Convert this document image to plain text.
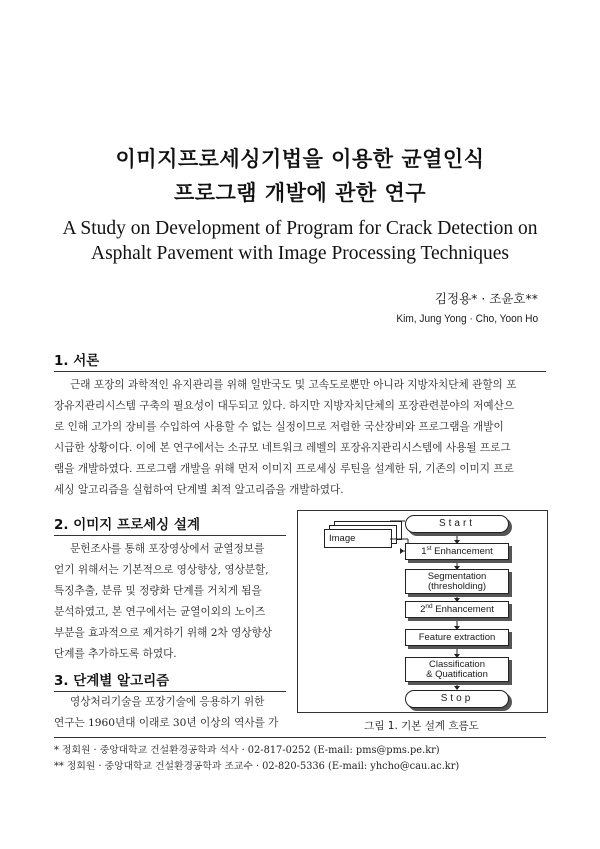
이미지프로세싱기법을 이용한 균열인식
프로그램 개발에 관한 연구
A Study on Development of Program for Crack Detection on
Asphalt Pavement with Image Processing Techniques
김정용* · 조윤호**
Kim, Jung Yong · Cho, Yoon Ho
1. 서론
근래 포장의 과학적인 유지관리를 위해 일반국도 및 고속도로뿐만 아니라 지방자치단체 관할의 포
장유지관리시스템 구축의 필요성이 대두되고 있다. 하지만 지방자치단체의 포장관련분야의 저예산으
로 인해 고가의 장비를 수입하여 사용할 수 없는 실정이므로 저렴한 국산장비와 프로그램을 개발이
시급한 상황이다. 이에 본 연구에서는 소규모 네트워크 레벨의 포장유지관리시스템에 사용될 프로그
램을 개발하였다. 프로그램 개발을 위해 먼저 이미지 프로세싱 루틴을 설계한 뒤, 기존의 이미지 프로
세싱 알고리즘을 실험하여 단계별 최적 알고리즘을 개발하였다.
2. 이미지 프로세싱 설계
문헌조사를 통해 포장영상에서 균열정보를
얻기 위해서는 기본적으로 영상향상, 영상분할,
특징추출, 분류 및 정량화 단계를 거치게 됨을
분석하였고, 본 연구에서는 균열이외의 노이즈
부분을 효과적으로 제거하기 위해 2차 영상향상
단계를 추가하도록 하였다.
3. 단계별 알고리즘
영상처리기술을 포장기술에 응용하기 위한
연구는 1960년대 이래로 30년 이상의 역사를 가
Image
Start
1st Enhancement
Segmentation
(thresholding)
2nd Enhancement
Feature extraction
Classification
& Quatification
Stop
그림 1. 기본 설계 흐름도
* 정회원 · 중앙대학교 건설환경공학과 석사 · 02-817-0252 (E-mail: pms@pms.pe.kr)
** 정회원 · 중앙대학교 건설환경공학과 조교수 · 02-820-5336 (E-mail: yhcho@cau.ac.kr)
